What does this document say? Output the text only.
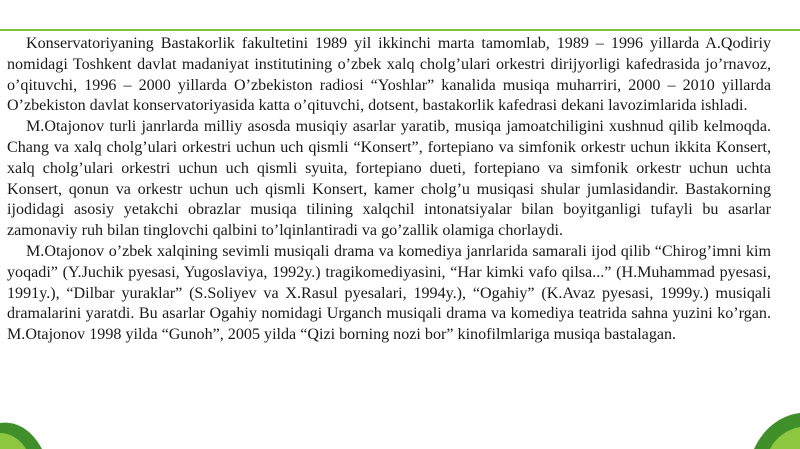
Konservatoriyaning Bastakorlik fakultetini 1989 yil ikkinchi marta tamomlab, 1989 – 1996 yillarda A.Qodiriy nomidagi Toshkent davlat madaniyat institutining o’zbek xalq cholg’ulari orkestri dirijyorligi kafedrasida jo’rnavoz, o’qituvchi, 1996 – 2000 yillarda O’zbekiston radiosi “Yoshlar” kanalida musiqa muharriri, 2000 – 2010 yillarda O’zbekiston davlat konservatoriyasida katta o’qituvchi, dotsent, bastakorlik kafedrasi dekani lavozimlarida ishladi.

M.Otajonov turli janrlarda milliy asosda musiqiy asarlar yaratib, musiqa jamoatchiligini xushnud qilib kelmoqda. Chang va xalq cholg’ulari orkestri uchun uch qismli “Konsert”, fortepiano va simfonik orkestr uchun ikkita Konsert, xalq cholg’ulari orkestri uchun uch qismli syuita, fortepiano dueti, fortepiano va simfonik orkestr uchun uchta Konsert, qonun va orkestr uchun uch qismli Konsert, kamer cholg’u musiqasi shular jumlasidandir. Bastakorning ijodidagi asosiy yetakchi obrazlar musiqa tilining xalqchil intonatsiyalar bilan boyitganligi tufayli bu asarlar zamonaviy ruh bilan tinglovchi qalbini to’lqinlantiradi va go’zallik olamiga chorlaydi.

M.Otajonov o’zbek xalqining sevimli musiqali drama va komediya janrlarida samarali ijod qilib “Chirog’imni kim yoqadi” (Y.Juchik pyesasi, Yugoslaviya, 1992y.) tragikomediyasini, “Har kimki vafo qilsa...” (H.Muhammad pyesasi, 1991y.), “Dilbar yuraklar” (S.Soliyev va X.Rasul pyesalari, 1994y.), “Ogahiy” (K.Avaz pyesasi, 1999y.) musiqali dramalarini yaratdi. Bu asarlar Ogahiy nomidagi Urganch musiqali drama va komediya teatrida sahna yuzini ko’rgan. M.Otajonov 1998 yilda “Gunoh”, 2005 yilda “Qizi borning nozi bor” kinofilmlariga musiqa bastalagan.
